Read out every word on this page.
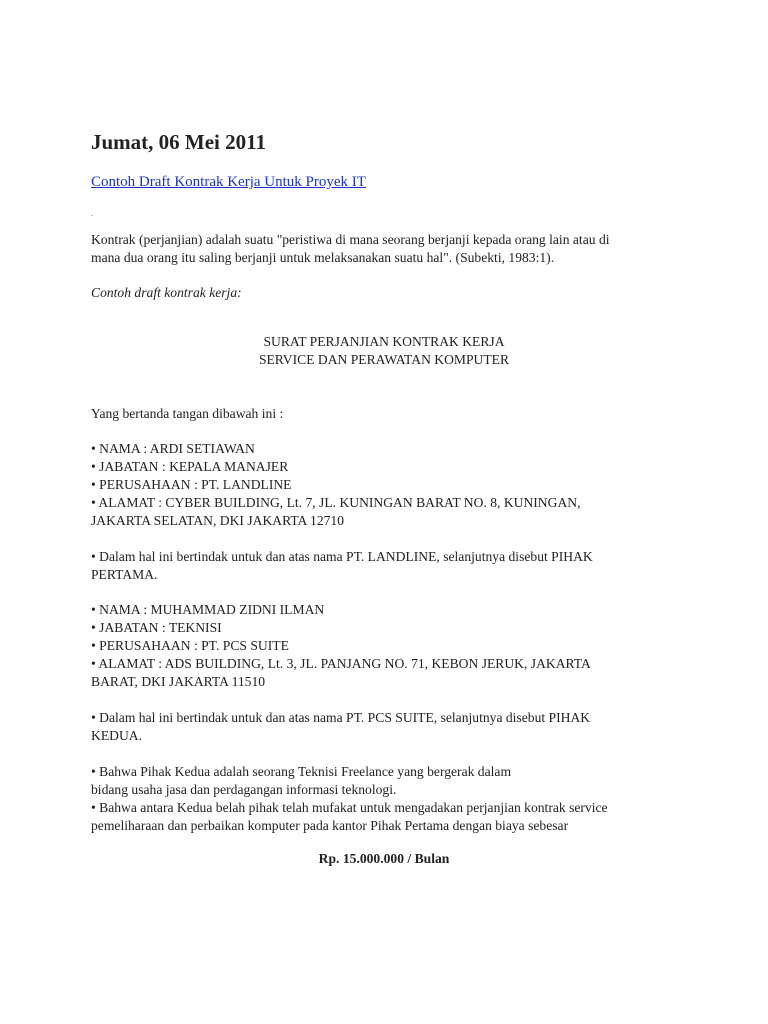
Jumat, 06 Mei 2011
Contoh Draft Kontrak Kerja Untuk Proyek IT
.
Kontrak (perjanjian) adalah suatu "peristiwa di mana seorang berjanji kepada orang lain atau di
mana dua orang itu saling berjanji untuk melaksanakan suatu hal". (Subekti, 1983:1).
Contoh draft kontrak kerja:
SURAT PERJANJIAN KONTRAK KERJA
SERVICE DAN PERAWATAN KOMPUTER
Yang bertanda tangan dibawah ini :
• NAMA : ARDI SETIAWAN
• JABATAN : KEPALA MANAJER
• PERUSAHAAN : PT. LANDLINE
• ALAMAT : CYBER BUILDING, Lt. 7, JL. KUNINGAN BARAT NO. 8, KUNINGAN,
JAKARTA SELATAN, DKI JAKARTA 12710
• Dalam hal ini bertindak untuk dan atas nama PT. LANDLINE, selanjutnya disebut PIHAK
PERTAMA.
• NAMA : MUHAMMAD ZIDNI ILMAN
• JABATAN : TEKNISI
• PERUSAHAAN : PT. PCS SUITE
• ALAMAT : ADS BUILDING, Lt. 3, JL. PANJANG NO. 71, KEBON JERUK, JAKARTA
BARAT, DKI JAKARTA 11510
• Dalam hal ini bertindak untuk dan atas nama PT. PCS SUITE, selanjutnya disebut PIHAK
KEDUA.
• Bahwa Pihak Kedua adalah seorang Teknisi Freelance yang bergerak dalam
bidang usaha jasa dan perdagangan informasi teknologi.
• Bahwa antara Kedua belah pihak telah mufakat untuk mengadakan perjanjian kontrak service
pemeliharaan dan perbaikan komputer pada kantor Pihak Pertama dengan biaya sebesar
Rp. 15.000.000 / Bulan
